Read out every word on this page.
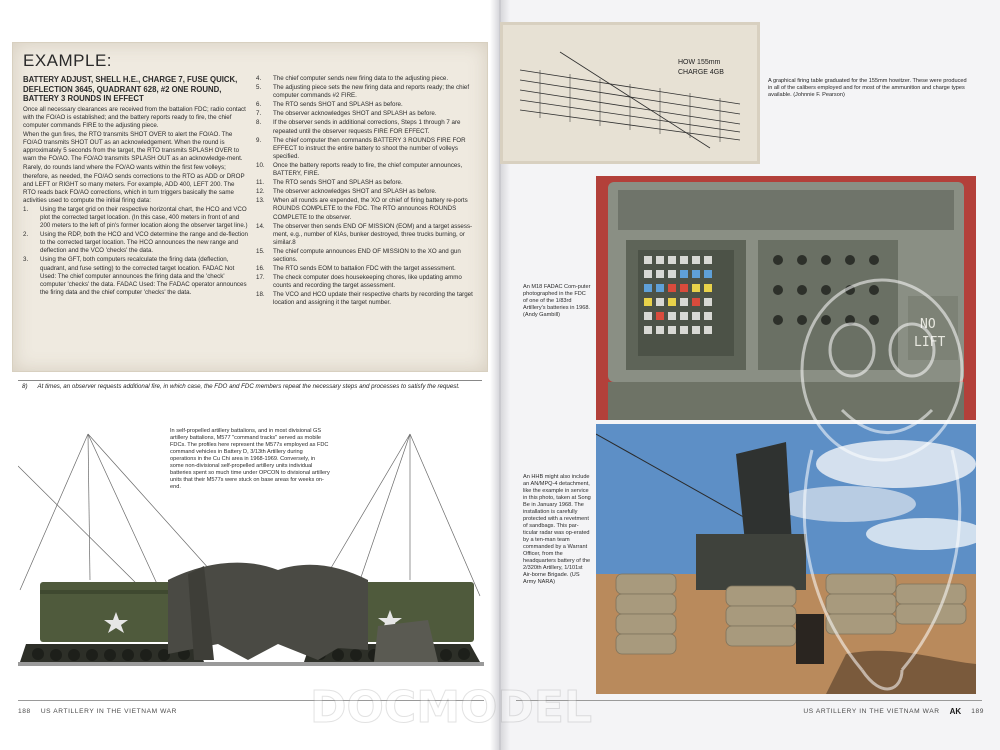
EXAMPLE:
BATTERY ADJUST, SHELL H.E., CHARGE 7, FUSE QUICK, DEFLECTION 3645, QUADRANT 628, #2 ONE ROUND, BATTERY 3 ROUNDS IN EFFECT
Once all necessary clearances are received from the battalion FDC; radio contact with the FO/AO is established; and the battery reports ready to fire, the chief computer commands FIRE to the adjusting piece.
When the gun fires, the RTO transmits SHOT OVER to alert the FO/AO. The FO/AO transmits SHOT OUT as an acknowledgement. When the round is approximately 5 seconds from the target, the RTO transmits SPLASH OVER to warn the FO/AO. The FO/AO transmits SPLASH OUT as an acknowledge-ment.
Rarely, do rounds land where the FO/AO wants within the first few volleys; therefore, as needed, the FO/AO sends corrections to the RTO as ADD or DROP and LEFT or RIGHT so many meters. For example, ADD 400, LEFT 200. The RTO reads back FO/AO corrections, which in turn triggers basically the same activities used to compute the initial firing data:
1.	Using the target grid on their respective horizontal chart, the HCO and VCO plot the corrected target location. (In this case, 400 meters in front of and 200 meters to the left of pin's former location along the observer target line.)
2.	Using the RDP, both the HCO and VCO determine the range and de-flection to the corrected target location. The HCO announces the new range and deflection and the VCO 'checks' the data.
3.	Using the GFT, both computers recalculate the firing data (deflection, quadrant, and fuse setting) to the corrected target location. FADAC Not Used: The chief computer announces the firing data and the 'check' computer 'checks' the data. FADAC Used: The FADAC operator announces the firing data and the chief computer 'checks' the data.
4.	The chief computer sends new firing data to the adjusting piece.
5.	The adjusting piece sets the new firing data and reports ready; the chief computer commands #2 FIRE.
6.	The RTO sends SHOT and SPLASH as before.
7.	The observer acknowledges SHOT and SPLASH as before.
8.	If the observer sends in additional corrections, Steps 1 through 7 are repeated until the observer requests FIRE FOR EFFECT.
9.	The chief computer then commands BATTERY 3 ROUNDS FIRE FOR EFFECT to instruct the entire battery to shoot the number of volleys specified.
10.	Once the battery reports ready to fire, the chief computer announces, BATTERY, FIRE.
11.	The RTO sends SHOT and SPLASH as before.
12.	The observer acknowledges SHOT and SPLASH as before.
13.	When all rounds are expended, the XO or chief of firing battery re-ports ROUNDS COMPLETE to the FDC. The RTO announces ROUNDS COMPLETE to the observer.
14.	The observer then sends END OF MISSION (EOM) and a target assess-ment, e.g., number of KIAs, bunker destroyed, three trucks burning, or similar.8
15.	The chief compute announces END OF MISSION to the XO and gun sections.
16.	The RTO sends EOM to battalion FDC with the target assessment.
17.	The check computer does housekeeping chores, like updating ammo counts and recording the target assessment.
18.	The VCO and HCO update their respective charts by recording the target location and assigning it the target number.
8) At times, an observer requests additional fire, in which case, the FDO and FDC members repeat the necessary steps and processes to satisfy the request.
In self-propelled artillery battalions, and in most divisional GS artillery battalions, M577 "command tracks" served as mobile FDCs. The profiles here represent the M577s employed as FDC command vehicles in Battery D, 3/13th Artillery during operations in the Cu Chi area in 1968-1969. Conversely, in some non-divisional self-propelled artillery units individual batteries spent so much time under OPCON to divisional artillery units that their M577s were stuck on base areas for weeks on-end.
188 US ARTILLERY IN THE VIETNAM WAR
HOW 155mm
CHARGE 4GB
A graphical firing table graduated for the 155mm howitzer. These were produced in all of the calibers employed and for most of the ammunition and charge types available. (Johnnie F. Pearson)
NO
LIFT
An M18 FADAC Com-puter photographed in the FDC of one of the 1/83rd Artillery's batteries in 1968. (Andy Gambill)
An HHB might also include an AN/MPQ-4 detachment, like the example in service in this photo, taken at Song Be in January 1968. The installation is carefully protected with a revetment of sandbags. This par-ticular radar was op-erated by a ten-man team commanded by a Warrant Officer, from the headquarters battery of the 2/320th Artillery, 1/101st Air-borne Brigade. (US Army NARA)
US ARTILLERY IN THE VIETNAM WAR AK 189
DOCMODEL
